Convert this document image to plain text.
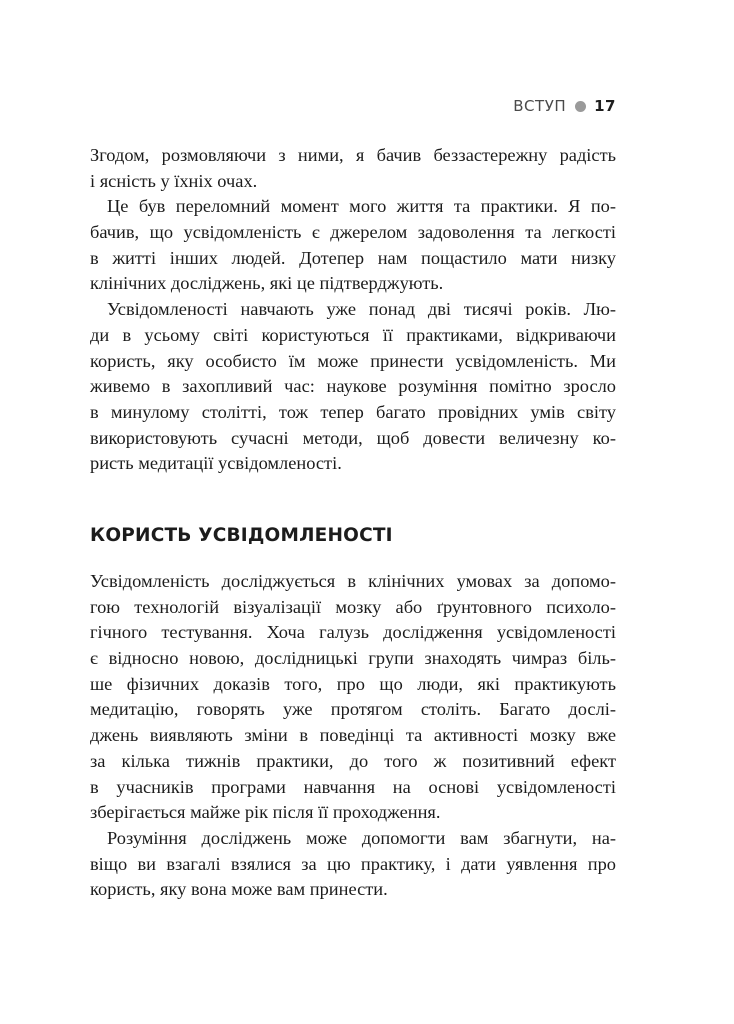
ВСТУП 17
Згодом, розмовляючи з ними, я бачив беззастережну радість
і ясність у їхніх очах.
Це був переломний момент мого життя та практики. Я по-
бачив, що усвідомленість є джерелом задоволення та легкості
в житті інших людей. Дотепер нам пощастило мати низку
клінічних досліджень, які це підтверджують.
Усвідомленості навчають уже понад дві тисячі років. Лю-
ди в усьому світі користуються її практиками, відкриваючи
користь, яку особисто їм може принести усвідомленість. Ми
живемо в захопливий час: наукове розуміння помітно зросло
в минулому столітті, тож тепер багато провідних умів світу
використовують сучасні методи, щоб довести величезну ко-
ристь медитації усвідомленості.
КОРИСТЬ УСВІДОМЛЕНОСТІ
Усвідомленість досліджується в клінічних умовах за допомо-
гою технологій візуалізації мозку або ґрунтовного психоло-
гічного тестування. Хоча галузь дослідження усвідомленості
є відносно новою, дослідницькі групи знаходять чимраз біль-
ше фізичних доказів того, про що люди, які практикують
медитацію, говорять уже протягом століть. Багато дослі-
джень виявляють зміни в поведінці та активності мозку вже
за кілька тижнів практики, до того ж позитивний ефект
в учасників програми навчання на основі усвідомленості
зберігається майже рік після її проходження.
Розуміння досліджень може допомогти вам збагнути, на-
віщо ви взагалі взялися за цю практику, і дати уявлення про
користь, яку вона може вам принести.
